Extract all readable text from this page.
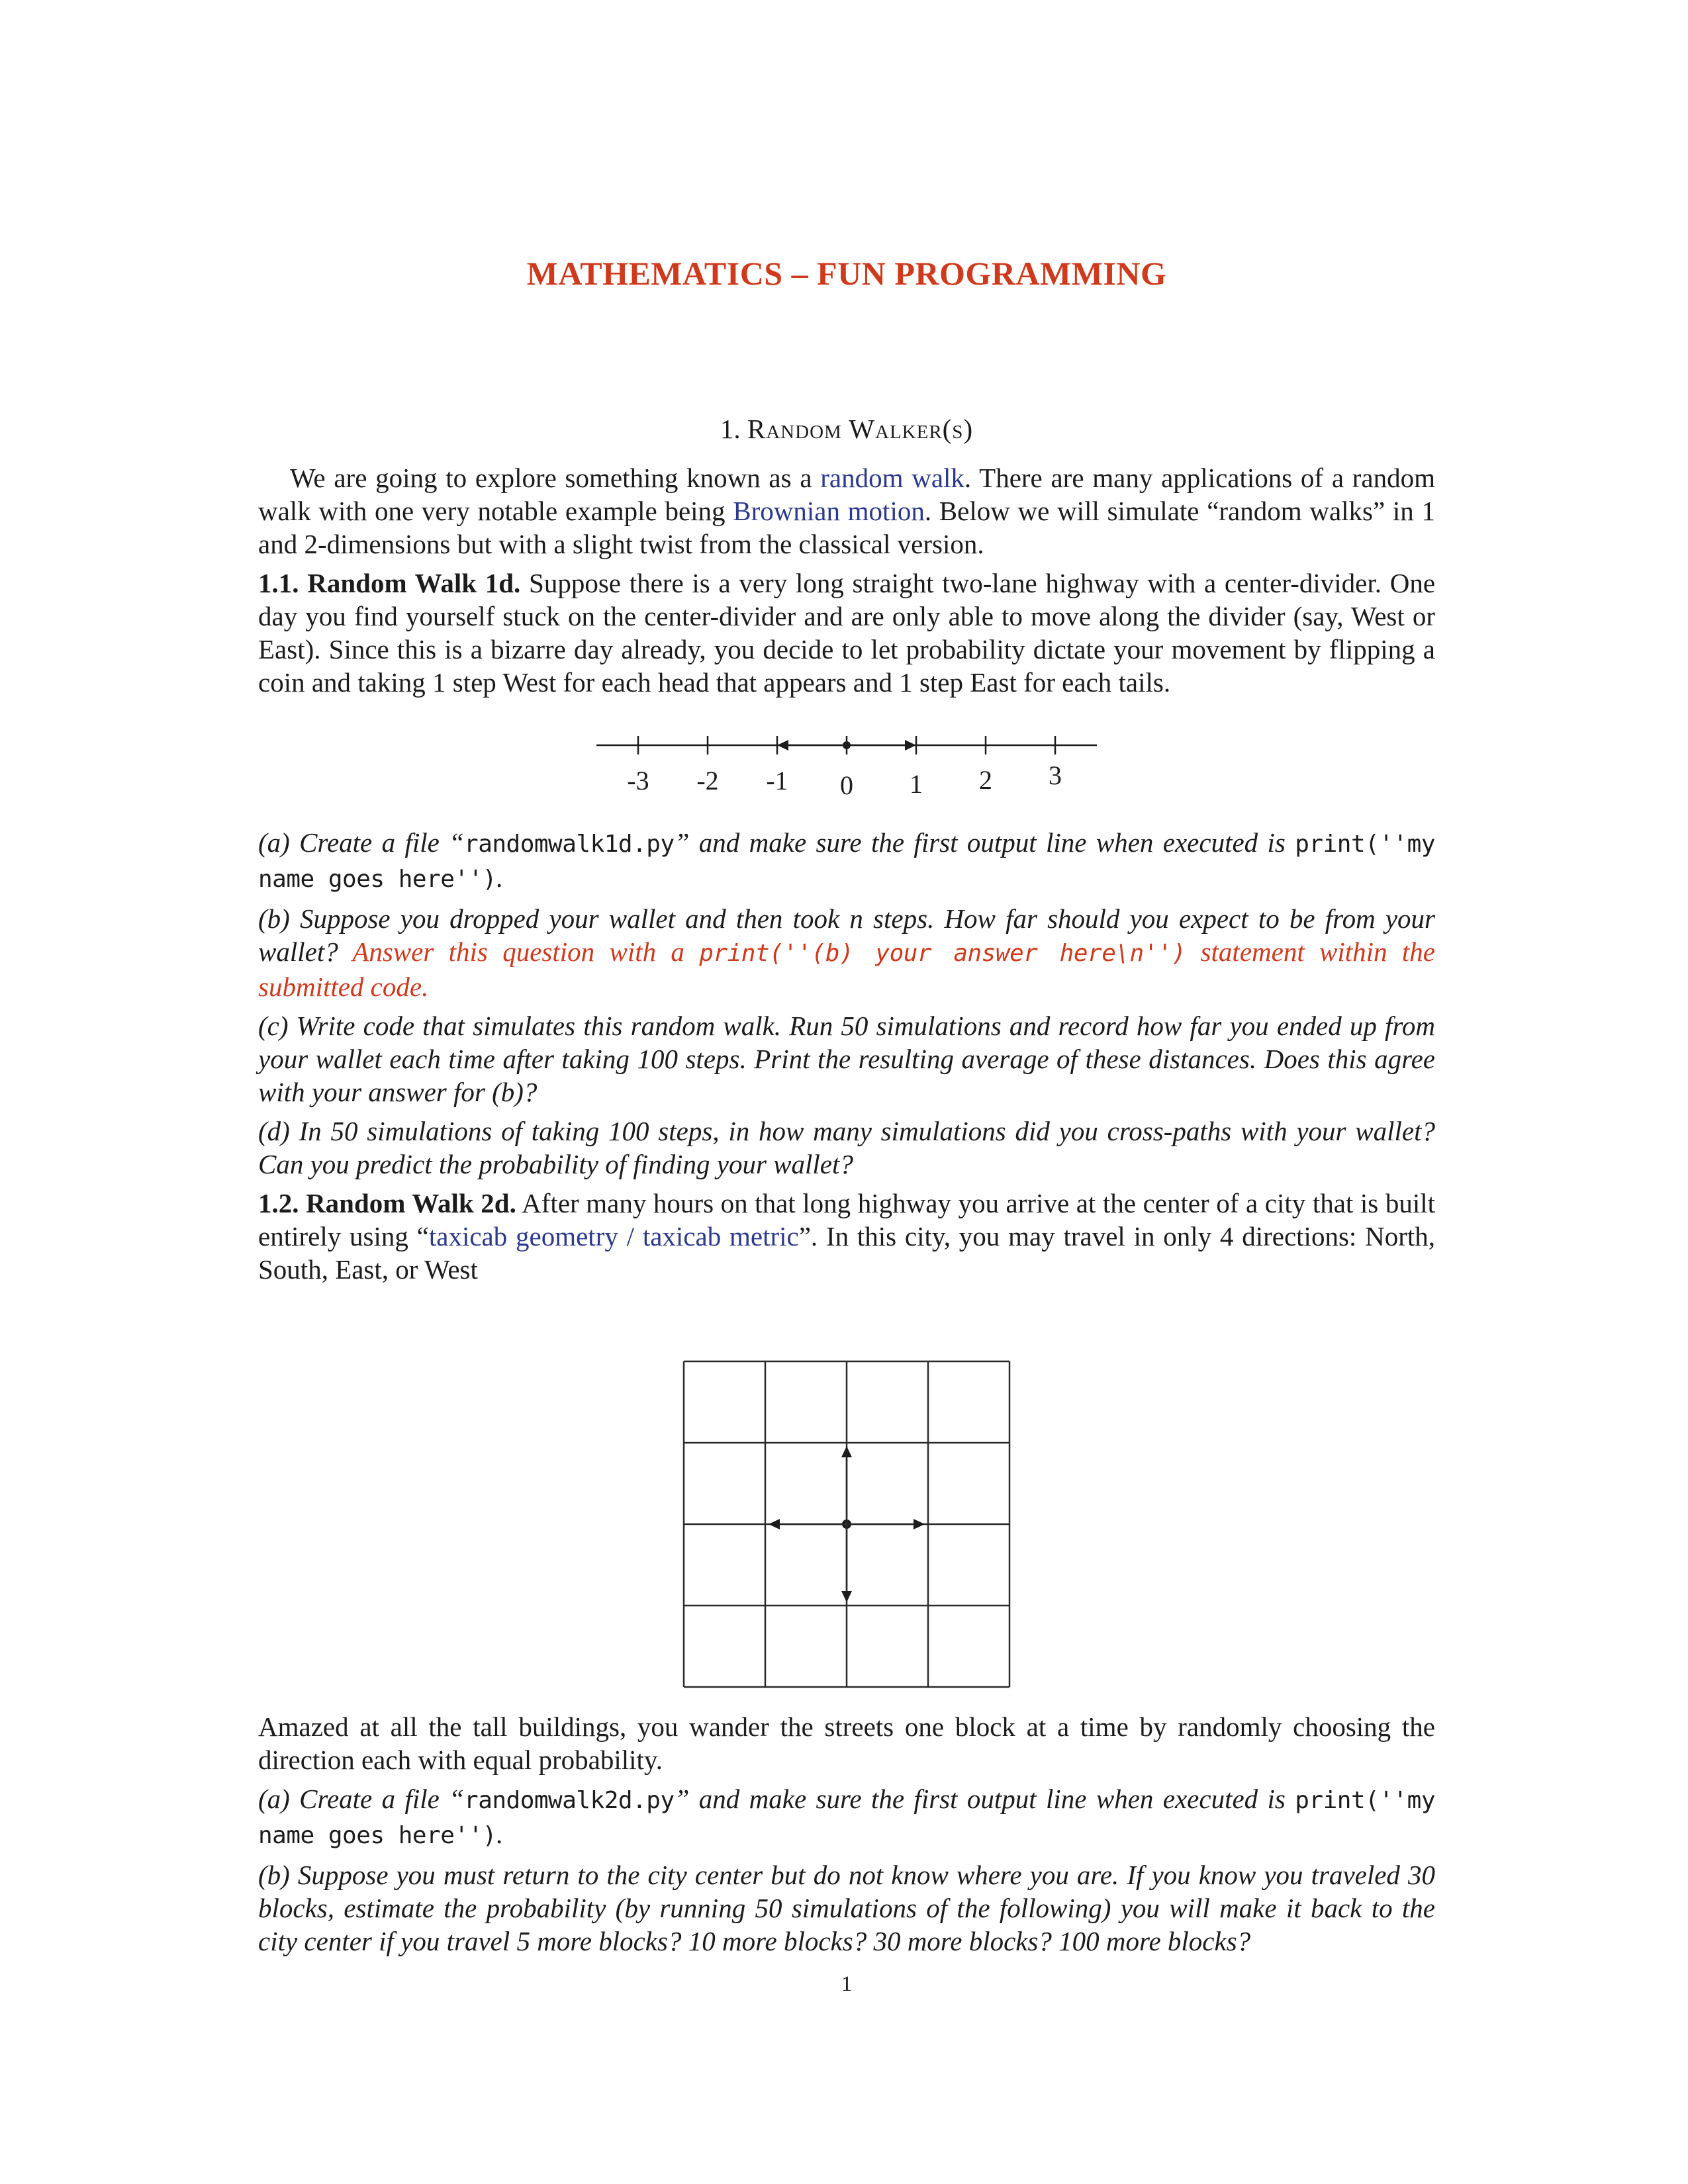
MATHEMATICS – FUN PROGRAMMING
1. Random Walker(s)

We are going to explore something known as a random walk. There are many applications of a random walk with one very notable example being Brownian motion. Below we will simulate “random walks” in 1 and 2-dimensions but with a slight twist from the classical version.

1.1. Random Walk 1d. Suppose there is a very long straight two-lane highway with a center-divider. One day you find yourself stuck on the center-divider and are only able to move along the divider (say, West or East). Since this is a bizarre day already, you decide to let probability dictate your movement by flipping a coin and taking 1 step West for each head that appears and 1 step East for each tails.

-3 -2 -1 0 1 2 3

(a) Create a file “randomwalk1d.py” and make sure the first output line when executed is print(''my name goes here'').

(b) Suppose you dropped your wallet and then took n steps. How far should you expect to be from your wallet? Answer this question with a print(''(b) your answer here\n'') statement within the submitted code.

(c) Write code that simulates this random walk. Run 50 simulations and record how far you ended up from your wallet each time after taking 100 steps. Print the resulting average of these distances. Does this agree with your answer for (b)?

(d) In 50 simulations of taking 100 steps, in how many simulations did you cross-paths with your wallet? Can you predict the probability of finding your wallet?

1.2. Random Walk 2d. After many hours on that long highway you arrive at the center of a city that is built entirely using “taxicab geometry / taxicab metric”. In this city, you may travel in only 4 directions: North, South, East, or West

Amazed at all the tall buildings, you wander the streets one block at a time by randomly choosing the direction each with equal probability.

(a) Create a file “randomwalk2d.py” and make sure the first output line when executed is print(''my name goes here'').

(b) Suppose you must return to the city center but do not know where you are. If you know you traveled 30 blocks, estimate the probability (by running 50 simulations of the following) you will make it back to the city center if you travel 5 more blocks? 10 more blocks? 30 more blocks? 100 more blocks?

1
